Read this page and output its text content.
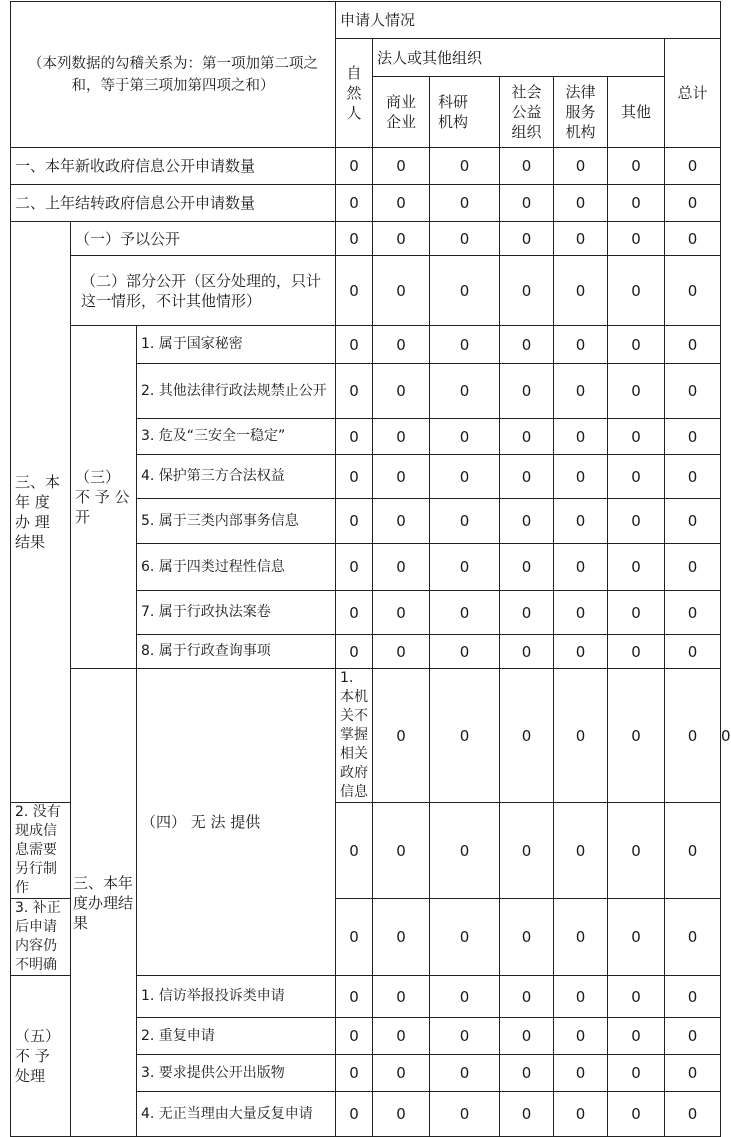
（本列数据的勾稽关系为：第一项加第二项之和，等于第三项加第四项之和）			申请人情况							
			自然人	法人或其他组织					总计	
				商业企业	科研机构	社会公益组织	法律服务机构	其他		
一、本年新收政府信息公开申请数量			0	0	0	0	0	0	0	
二、上年结转政府信息公开申请数量			0	0	0	0	0	0	0	
三、本 年 度 办 理 结果	（一）予以公开		0	0	0	0	0	0	0	
	（二）部分公开（区分处理的，只计这一情形，不计其他情形）		0	0	0	0	0	0	0	
	（三） 不 予 公开	1. 属于国家秘密	0	0	0	0	0	0	0	
		2. 其他法律行政法规禁止公开	0	0	0	0	0	0	0	
		3. 危及“三安全一稳定”	0	0	0	0	0	0	0	
		4. 保护第三方合法权益	0	0	0	0	0	0	0	
		5. 属于三类内部事务信息	0	0	0	0	0	0	0	
		6. 属于四类过程性信息	0	0	0	0	0	0	0	
		7. 属于行政执法案卷	0	0	0	0	0	0	0	
		8. 属于行政查询事项	0	0	0	0	0	0	0	
	三、本年度办理结果	（四） 无 法 提供	1. 本机关不掌握相关政府信息	0	0	0	0	0	0	0
2. 没有现成信息需要另行制作			0	0	0	0	0	0	0	
3. 补正后申请内容仍不明确			0	0	0	0	0	0	0	
（五） 不 予 处理		1. 信访举报投诉类申请	0	0	0	0	0	0	0	
		2. 重复申请	0	0	0	0	0	0	0	
		3. 要求提供公开出版物	0	0	0	0	0	0	0	
		4. 无正当理由大量反复申请	0	0	0	0	0	0	0	
